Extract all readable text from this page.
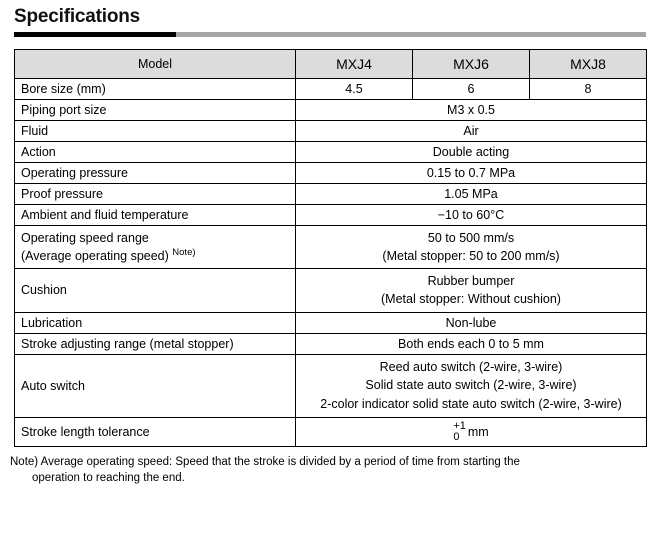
Specifications
Model	MXJ4	MXJ6	MXJ8
Bore size (mm)	4.5	6	8
Piping port size	M3 x 0.5		
Fluid	Air		
Action	Double acting		
Operating pressure	0.15 to 0.7 MPa		
Proof pressure	1.05 MPa		
Ambient and fluid temperature	−10 to 60°C		

Operating speed range
(Average operating speed) $^{Note)}$	50 to 500 mm/s
(Metal stopper: 50 to 200 mm/s)		

Cushion	Rubber bumper
(Metal stopper: Without cushion)		

Lubrication	Non-lube		
Stroke adjusting range (metal stopper)	Both ends each 0 to 5 mm		
Auto switch	Reed auto switch (2-wire, 3-wire)
Solid state auto switch (2-wire, 3-wire)
2-color indicator solid state auto switch (2-wire, 3-wire)		

Stroke length tolerance	+1
0 mm		
Note) Average operating speed: Speed that the stroke is divided by a period of time from starting the
operation to reaching the end.
